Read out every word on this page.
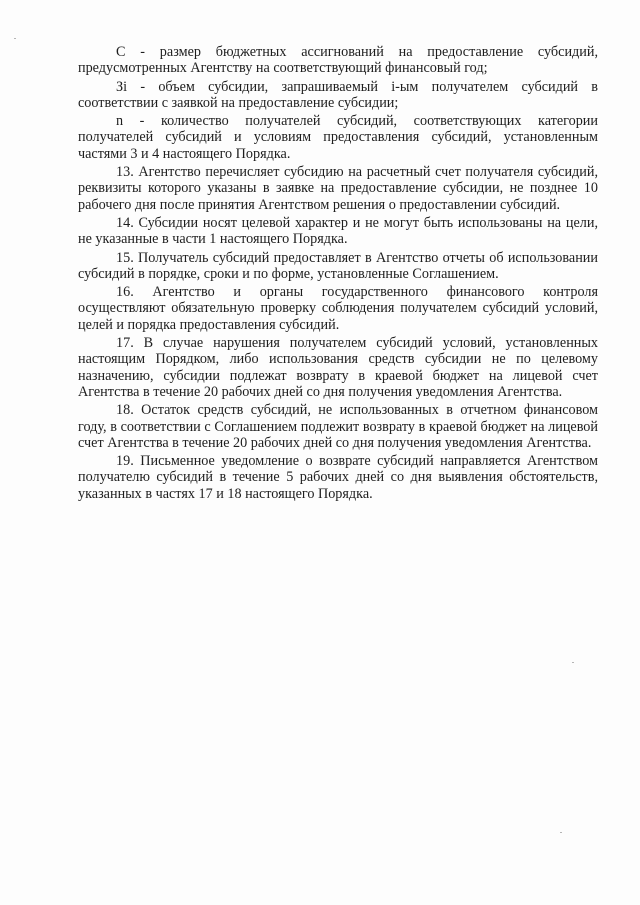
С - размер бюджетных ассигнований на предоставление субсидий, предусмотренных Агентству на соответствующий финансовый год;

Зi - объем субсидии, запрашиваемый i-ым получателем субсидий в соответствии с заявкой на предоставление субсидии;

n - количество получателей субсидий, соответствующих категории получателей субсидий и условиям предоставления субсидий, установленным частями 3 и 4 настоящего Порядка.

13. Агентство перечисляет субсидию на расчетный счет получателя субсидий, реквизиты которого указаны в заявке на предоставление субсидии, не позднее 10 рабочего дня после принятия Агентством решения о предоставлении субсидий.

14. Субсидии носят целевой характер и не могут быть использованы на цели, не указанные в части 1 настоящего Порядка.

15. Получатель субсидий предоставляет в Агентство отчеты об использовании субсидий в порядке, сроки и по форме, установленные Соглашением.

16. Агентство и органы государственного финансового контроля осуществляют обязательную проверку соблюдения получателем субсидий условий, целей и порядка предоставления субсидий.

17. В случае нарушения получателем субсидий условий, установленных настоящим Порядком, либо использования средств субсидии не по целевому назначению, субсидии подлежат возврату в краевой бюджет на лицевой счет Агентства в течение 20 рабочих дней со дня получения уведомления Агентства.

18. Остаток средств субсидий, не использованных в отчетном финансовом году, в соответствии с Соглашением подлежит возврату в краевой бюджет на лицевой счет Агентства в течение 20 рабочих дней со дня получения уведомления Агентства.

19. Письменное уведомление о возврате субсидий направляется Агентством получателю субсидий в течение 5 рабочих дней со дня выявления обстоятельств, указанных в частях 17 и 18 настоящего Порядка.
